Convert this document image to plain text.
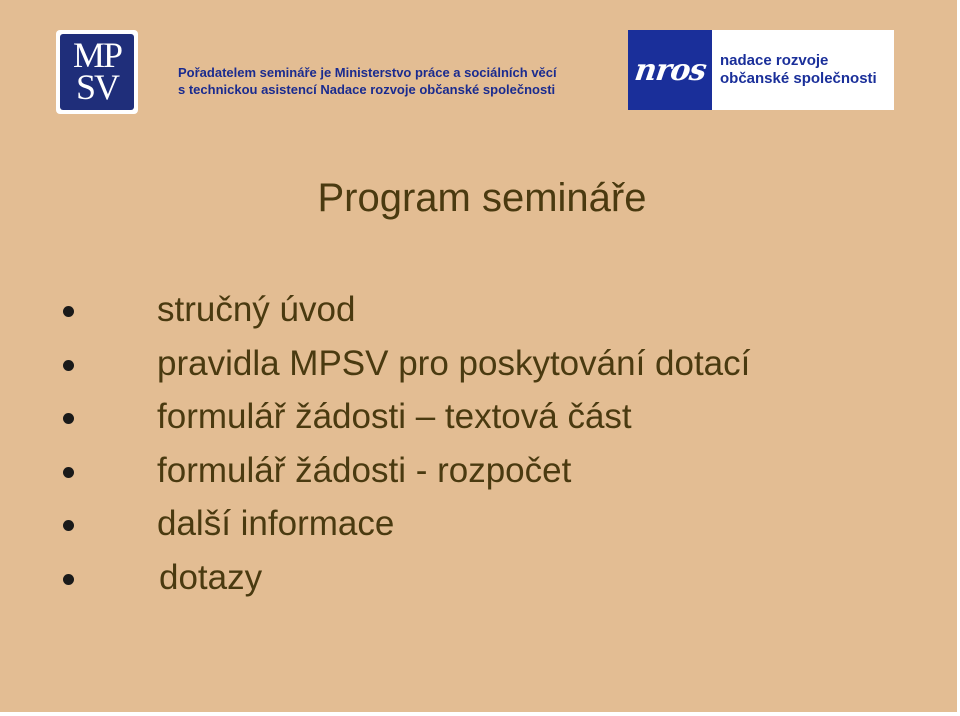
MP
SV	Pořadatelem semináře je Ministerstvo práce a sociálních věcí
s technickou asistencí Nadace rozvoje občanské společnosti
nros nadace rozvoje
občanské společnosti
Program semináře
stručný úvod
pravidla MPSV pro poskytování dotací
formulář žádosti – textová část
formulář žádosti - rozpočet
další informace
dotazy
